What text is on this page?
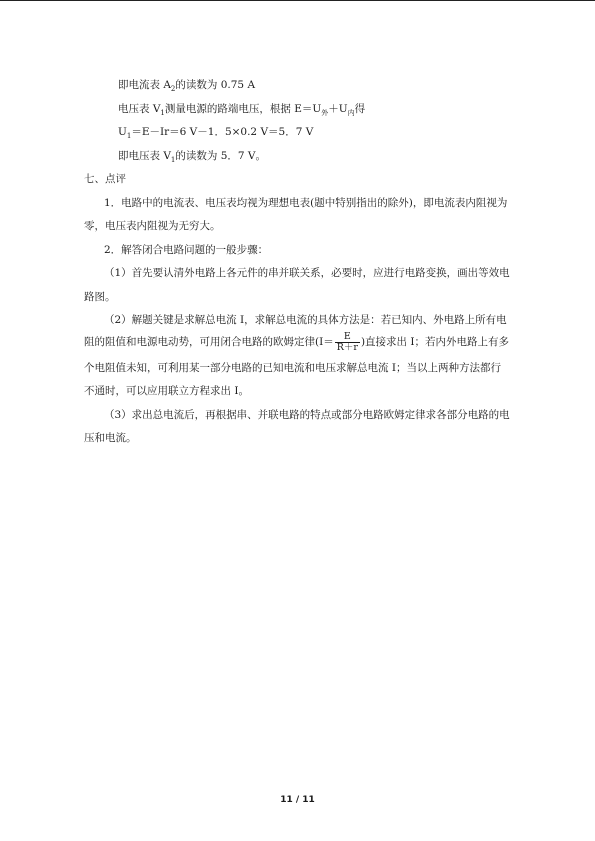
即电流表 $A_2$的读数为 0.75 A
电压表 $V_1$测量电源的路端电压，根据 $E=U_外+U_内$得
$U_1=E-Ir=6$ V－1．5×0.2 V＝5．7 V
即电压表 $V_1$的读数为 5．7 V。
七、点评
1．电路中的电流表、电压表均视为理想电表(题中特别指出的除外)，即电流表内阻视为
零，电压表内阻视为无穷大。
2．解答闭合电路问题的一般步骤：
（1）首先要认清外电路上各元件的串并联关系，必要时，应进行电路变换，画出等效电
路图。
（2）解题关键是求解总电流 I，求解总电流的具体方法是：若已知内、外电路上所有电
阻的阻值和电源电动势，可用闭合电路的欧姆定律($I= \frac{E}{R+r}$ )直接求出 I；若内外电路上有多
个电阻值未知，可利用某一部分电路的已知电流和电压求解总电流 I；当以上两种方法都行
不通时，可以应用联立方程求出 I。
（3）求出总电流后，再根据串、并联电路的特点或部分电路欧姆定律求各部分电路的电
压和电流。
11 / 11
